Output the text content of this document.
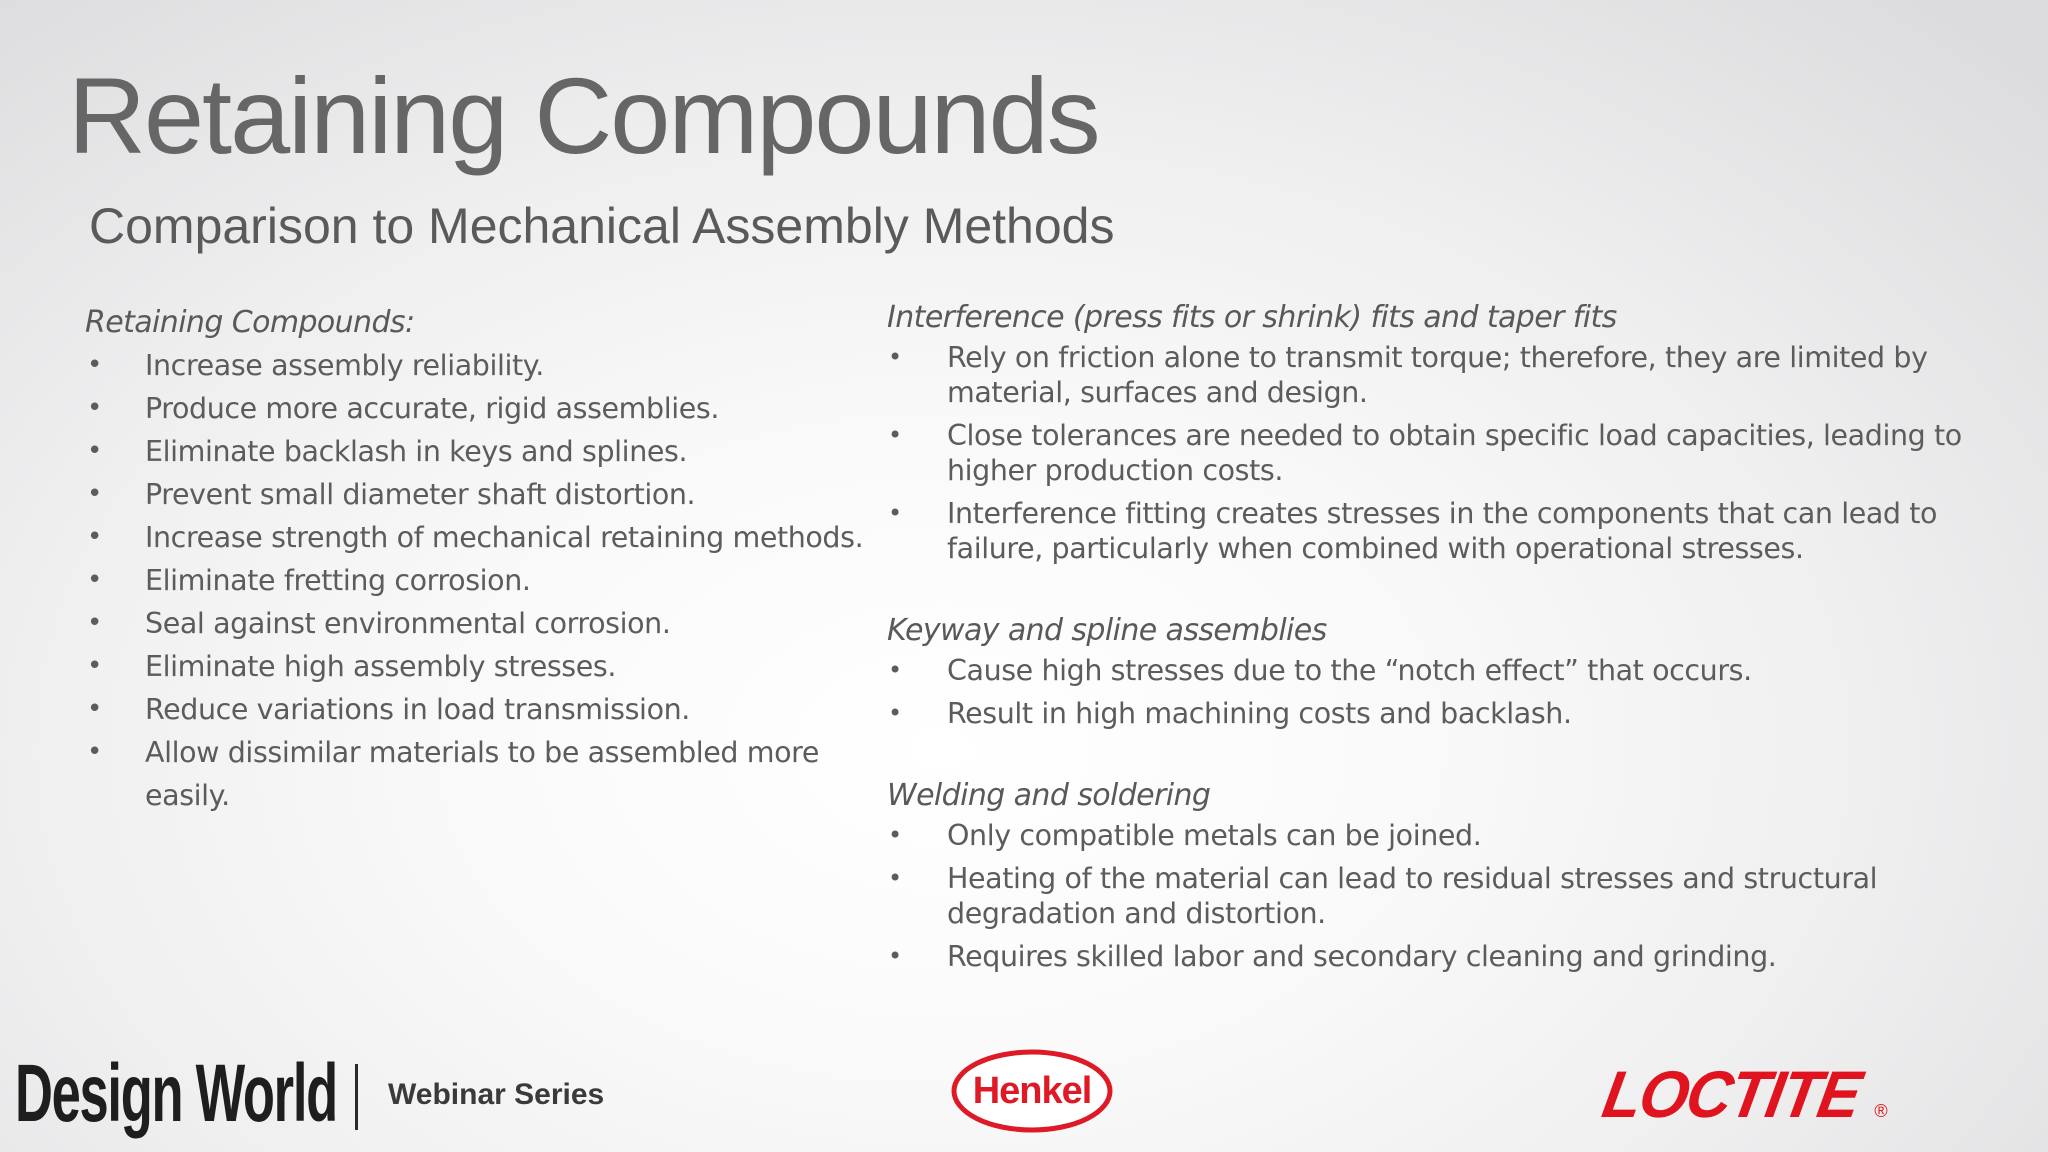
Retaining Compounds
Comparison to Mechanical Assembly Methods
Retaining Compounds:
• Increase assembly reliability.
• Produce more accurate, rigid assemblies.
• Eliminate backlash in keys and splines.
• Prevent small diameter shaft distortion.
• Increase strength of mechanical retaining methods.
• Eliminate fretting corrosion.
• Seal against environmental corrosion.
• Eliminate high assembly stresses.
• Reduce variations in load transmission.
• Allow dissimilar materials to be assembled more easily.
Interference (press fits or shrink) fits and taper fits
• Rely on friction alone to transmit torque; therefore, they are limited by material, surfaces and design.
• Close tolerances are needed to obtain specific load capacities, leading to higher production costs.
• Interference fitting creates stresses in the components that can lead to failure, particularly when combined with operational stresses.
Keyway and spline assemblies
• Cause high stresses due to the “notch effect” that occurs.
• Result in high machining costs and backlash.
Welding and soldering
• Only compatible metals can be joined.
• Heating of the material can lead to residual stresses and structural degradation and distortion.
• Requires skilled labor and secondary cleaning and grinding.
Design World Webinar Series	Henkel	LOCTITE ®
